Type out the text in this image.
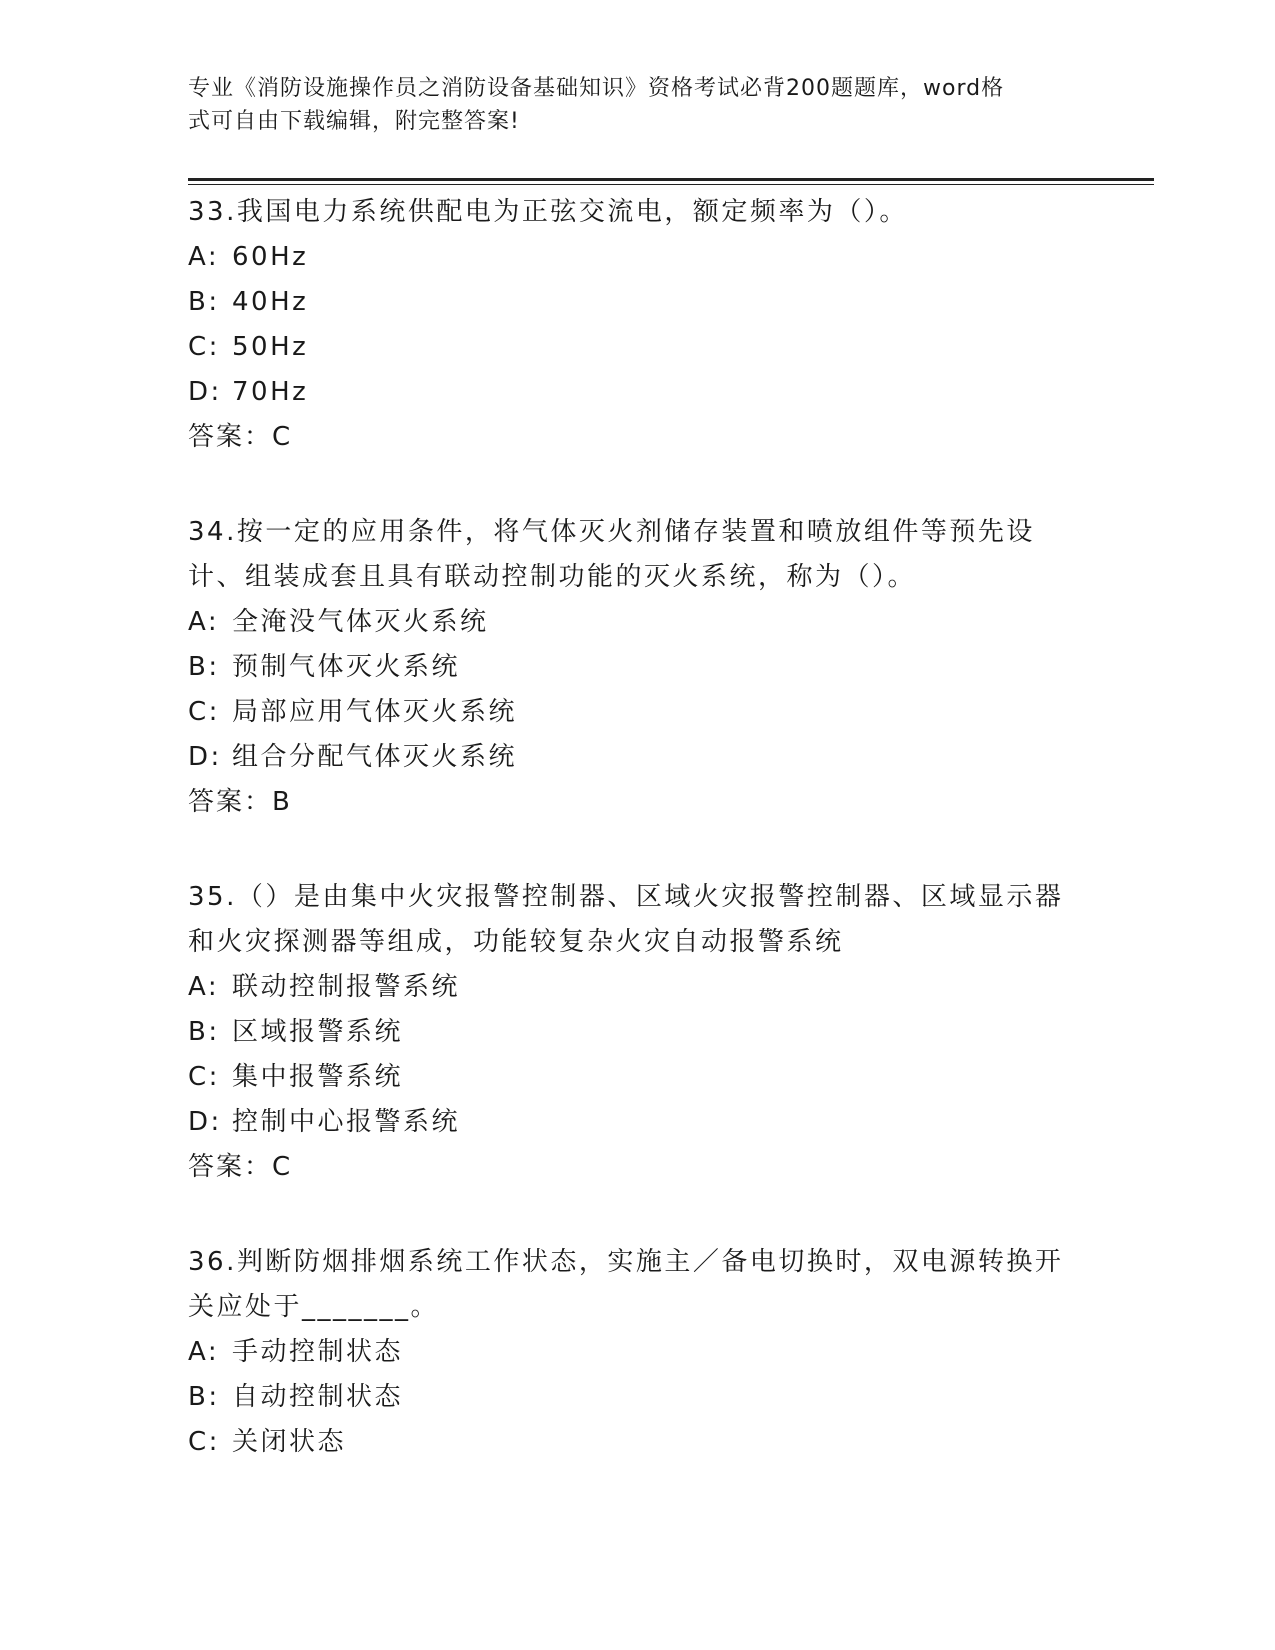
专业《消防设施操作员之消防设备基础知识》资格考试必背200题题库，word格
式可自由下载编辑，附完整答案!

33.我国电力系统供配电为正弦交流电，额定频率为（）。

A: 60Hz
B: 40Hz
C: 50Hz
D: 70Hz
答案：C

34.按一定的应用条件，将气体灭火剂储存装置和喷放组件等预先设计、组装成套且具有联动控制功能的灭火系统，称为（）。

A: 全淹没气体灭火系统
B: 预制气体灭火系统
C: 局部应用气体灭火系统
D: 组合分配气体灭火系统
答案：B

35.（）是由集中火灾报警控制器、区域火灾报警控制器、区域显示器和火灾探测器等组成，功能较复杂火灾自动报警系统

A: 联动控制报警系统
B: 区域报警系统
C: 集中报警系统
D: 控制中心报警系统
答案：C

36.判断防烟排烟系统工作状态，实施主／备电切换时，双电源转换开关应处于_______。

A: 手动控制状态
B: 自动控制状态
C: 关闭状态
